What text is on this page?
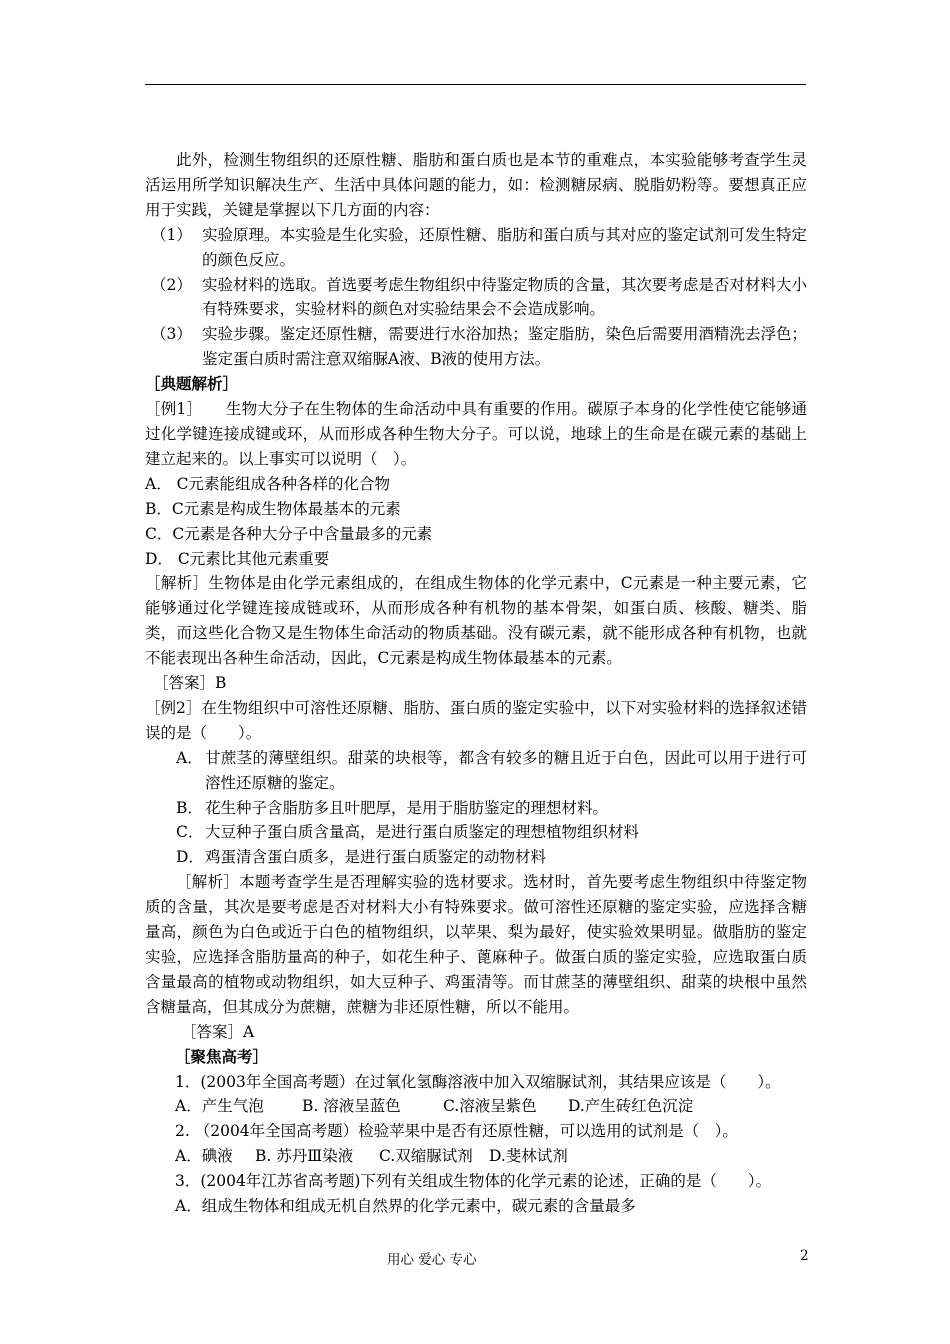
此外，检测生物组织的还原性糖、脂肪和蛋白质也是本节的重难点，本实验能够考查学生灵活运用所学知识解决生产、生活中具体问题的能力，如：检测糖尿病、脱脂奶粉等。要想真正应用于实践，关键是掌握以下几方面的内容：

（1） 实验原理。本实验是生化实验，还原性糖、脂肪和蛋白质与其对应的鉴定试剂可发生特定的颜色反应。

（2） 实验材料的选取。首选要考虑生物组织中待鉴定物质的含量，其次要考虑是否对材料大小有特殊要求，实验材料的颜色对实验结果会不会造成影响。

（3） 实验步骤。鉴定还原性糖，需要进行水浴加热；鉴定脂肪，染色后需要用酒精洗去浮色；鉴定蛋白质时需注意双缩脲A液、B液的使用方法。

［典题解析］

［例1］　　生物大分子在生物体的生命活动中具有重要的作用。碳原子本身的化学性使它能够通过化学键连接成键或环，从而形成各种生物大分子。可以说，地球上的生命是在碳元素的基础上建立起来的。以上事实可以说明（　）。

A． C元素能组成各种各样的化合物

B．C元素是构成生物体最基本的元素

C．C元素是各种大分子中含量最多的元素

D． C元素比其他元素重要

［解析］生物体是由化学元素组成的，在组成生物体的化学元素中，C元素是一种主要元素，它能够通过化学键连接成链或环，从而形成各种有机物的基本骨架，如蛋白质、核酸、糖类、脂类，而这些化合物又是生物体生命活动的物质基础。没有碳元素，就不能形成各种有机物，也就不能表现出各种生命活动，因此，C元素是构成生物体最基本的元素。

［答案］B

［例2］在生物组织中可溶性还原糖、脂肪、蛋白质的鉴定实验中，以下对实验材料的选择叙述错误的是（　　）。

A． 甘蔗茎的薄壁组织。甜菜的块根等，都含有较多的糖且近于白色，因此可以用于进行可溶性还原糖的鉴定。

B． 花生种子含脂肪多且叶肥厚，是用于脂肪鉴定的理想材料。

C． 大豆种子蛋白质含量高，是进行蛋白质鉴定的理想植物组织材料

D． 鸡蛋清含蛋白质多，是进行蛋白质鉴定的动物材料

［解析］本题考查学生是否理解实验的选材要求。选材时，首先要考虑生物组织中待鉴定物质的含量，其次是要考虑是否对材料大小有特殊要求。做可溶性还原糖的鉴定实验，应选择含糖量高，颜色为白色或近于白色的植物组织，以苹果、梨为最好，使实验效果明显。做脂肪的鉴定实验，应选择含脂肪量高的种子，如花生种子、蓖麻种子。做蛋白质的鉴定实验，应选取蛋白质含量最高的植物或动物组织，如大豆种子、鸡蛋清等。而甘蔗茎的薄壁组织、甜菜的块根中虽然含糖量高，但其成分为蔗糖，蔗糖为非还原性糖，所以不能用。

［答案］A

［聚焦高考］

1．(2003年全国高考题）在过氧化氢酶溶液中加入双缩脲试剂，其结果应该是（　　）。

A．产生气泡	B. 溶液呈蓝色	C.溶液呈紫色	D.产生砖红色沉淀

2. （2004年全国高考题）检验苹果中是否有还原性糖，可以选用的试剂是（　）。

A．碘液	B. 苏丹Ⅲ染液	C.双缩脲试剂	D.斐林试剂

3．(2004年江苏省高考题)下列有关组成生物体的化学元素的论述，正确的是（　　）。

A．组成生物体和组成无机自然界的化学元素中，碳元素的含量最多

用心 爱心 专心	2
